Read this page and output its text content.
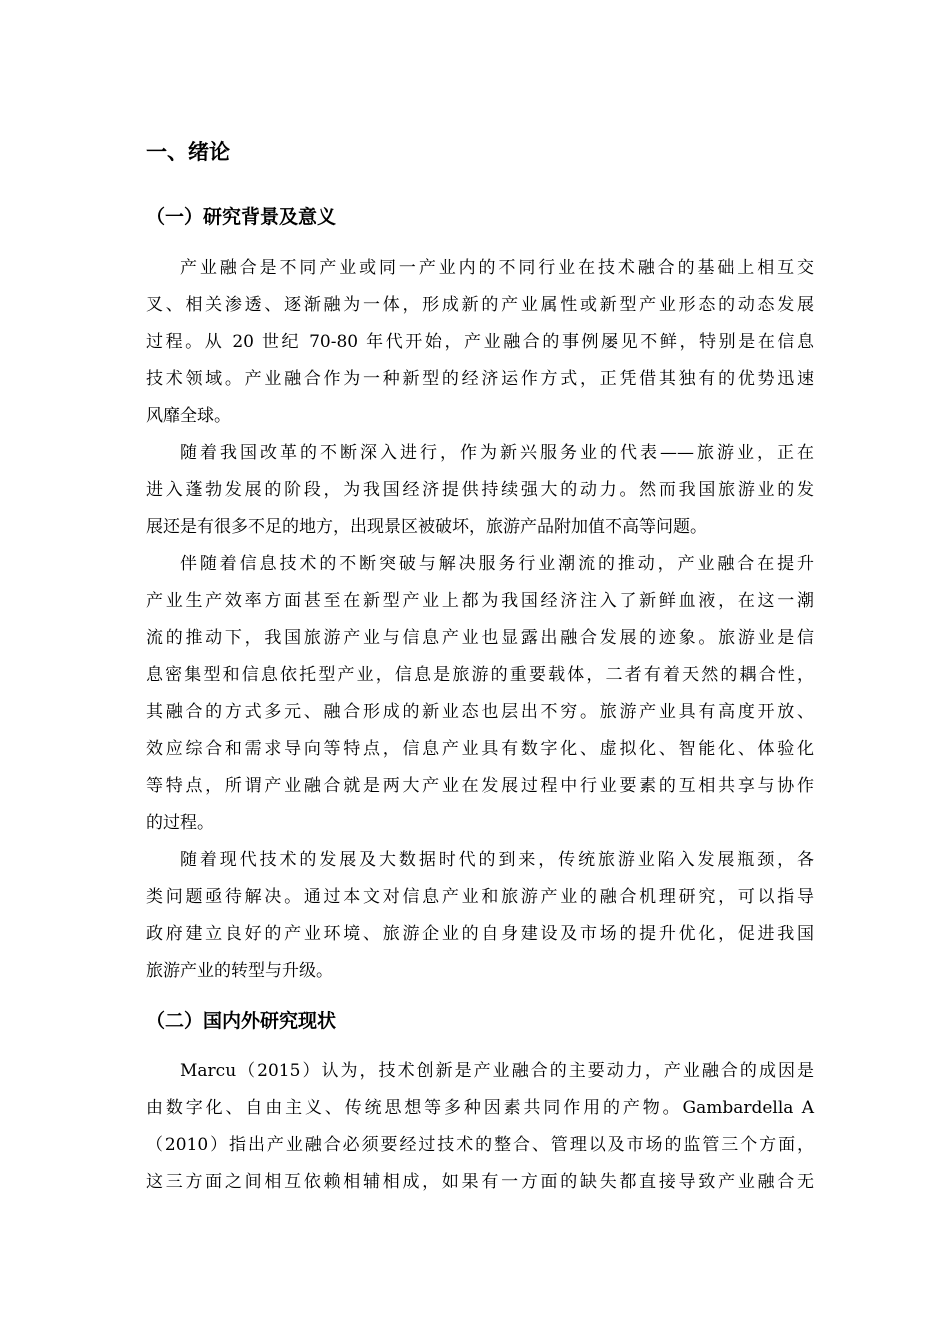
一、绪论
（一）研究背景及意义
产业融合是不同产业或同一产业内的不同行业在技术融合的基础上相互交
叉、相关渗透、逐渐融为一体，形成新的产业属性或新型产业形态的动态发展
过程。从 20 世纪 70-80 年代开始，产业融合的事例屡见不鲜，特别是在信息
技术领域。产业融合作为一种新型的经济运作方式，正凭借其独有的优势迅速
风靡全球。
随着我国改革的不断深入进行，作为新兴服务业的代表——旅游业，正在
进入蓬勃发展的阶段，为我国经济提供持续强大的动力。然而我国旅游业的发
展还是有很多不足的地方，出现景区被破坏，旅游产品附加值不高等问题。
伴随着信息技术的不断突破与解决服务行业潮流的推动，产业融合在提升
产业生产效率方面甚至在新型产业上都为我国经济注入了新鲜血液，在这一潮
流的推动下，我国旅游产业与信息产业也显露出融合发展的迹象。旅游业是信
息密集型和信息依托型产业，信息是旅游的重要载体，二者有着天然的耦合性，
其融合的方式多元、融合形成的新业态也层出不穷。旅游产业具有高度开放、
效应综合和需求导向等特点，信息产业具有数字化、虚拟化、智能化、体验化
等特点，所谓产业融合就是两大产业在发展过程中行业要素的互相共享与协作
的过程。
随着现代技术的发展及大数据时代的到来，传统旅游业陷入发展瓶颈，各
类问题亟待解决。通过本文对信息产业和旅游产业的融合机理研究，可以指导
政府建立良好的产业环境、旅游企业的自身建设及市场的提升优化，促进我国
旅游产业的转型与升级。
（二）国内外研究现状
Marcu（2015）认为，技术创新是产业融合的主要动力，产业融合的成因是
由数字化、自由主义、传统思想等多种因素共同作用的产物。Gambardella A
（2010）指出产业融合必须要经过技术的整合、管理以及市场的监管三个方面，
这三方面之间相互依赖相辅相成，如果有一方面的缺失都直接导致产业融合无
